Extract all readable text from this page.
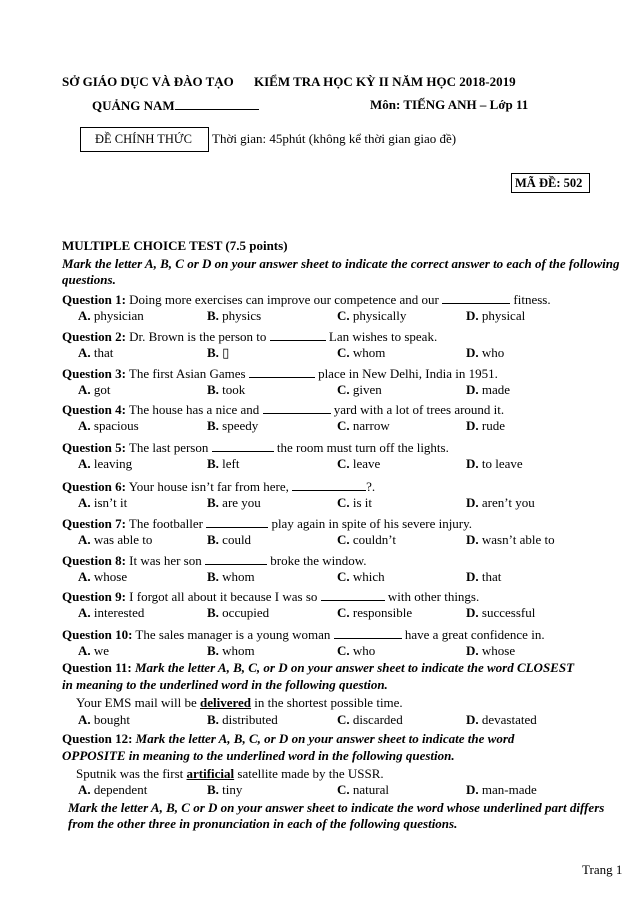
SỞ GIÁO DỤC VÀ ĐÀO TẠO KIỂM TRA HỌC KỲ II NĂM HỌC 2018-2019
QUẢNG NAM	Môn: TIẾNG ANH – Lớp 11
ĐỀ CHÍNH THỨC Thời gian: 45phút (không kể thời gian giao đề)
MÃ ĐỀ: 502
MULTIPLE CHOICE TEST (7.5 points)
Mark the letter A, B, C or D on your answer sheet to indicate the correct answer to each of the following questions.
Question 1: Doing more exercises can improve our competence and our	fitness.
A. physician	B. physics	C. physically	D. physical
Question 2: Dr. Brown is the person to	Lan wishes to speak.
A. that	B. ▯	C. whom	D. who
Question 3: The first Asian Games	place in New Delhi, India in 1951.
A. got	B. took	C. given	D. made
Question 4: The house has a nice and	yard with a lot of trees around it.
A. spacious	B. speedy	C. narrow	D. rude
Question 5: The last person	the room must turn off the lights.
A. leaving	B. left	C. leave	D. to leave
Question 6: Your house isn’t far from here,	?.
A. isn’t it	B. are you	C. is it	D. aren’t you
Question 7: The footballer	play again in spite of his severe injury.
A. was able to	B. could	C. couldn’t	D. wasn’t able to
Question 8: It was her son	broke the window.
A. whose	B. whom	C. which	D. that
Question 9: I forgot all about it because I was so	with other things.
A. interested	B. occupied	C. responsible	D. successful
Question 10: The sales manager is a young woman	have a great confidence in.
A. we	B. whom	C. who	D. whose
Question 11: Mark the letter A, B, C, or D on your answer sheet to indicate the word CLOSEST
in meaning to the underlined word in the following question.
Your EMS mail will be delivered in the shortest possible time.
A. bought	B. distributed	C. discarded	D. devastated
Question 12: Mark the letter A, B, C, or D on your answer sheet to indicate the word
OPPOSITE in meaning to the underlined word in the following question.
Sputnik was the first artificial satellite made by the USSR.
A. dependent	B. tiny	C. natural	D. man-made
Mark the letter A, B, C or D on your answer sheet to indicate the word whose underlined part differs from the other three in pronunciation in each of the following questions.
Trang 1
